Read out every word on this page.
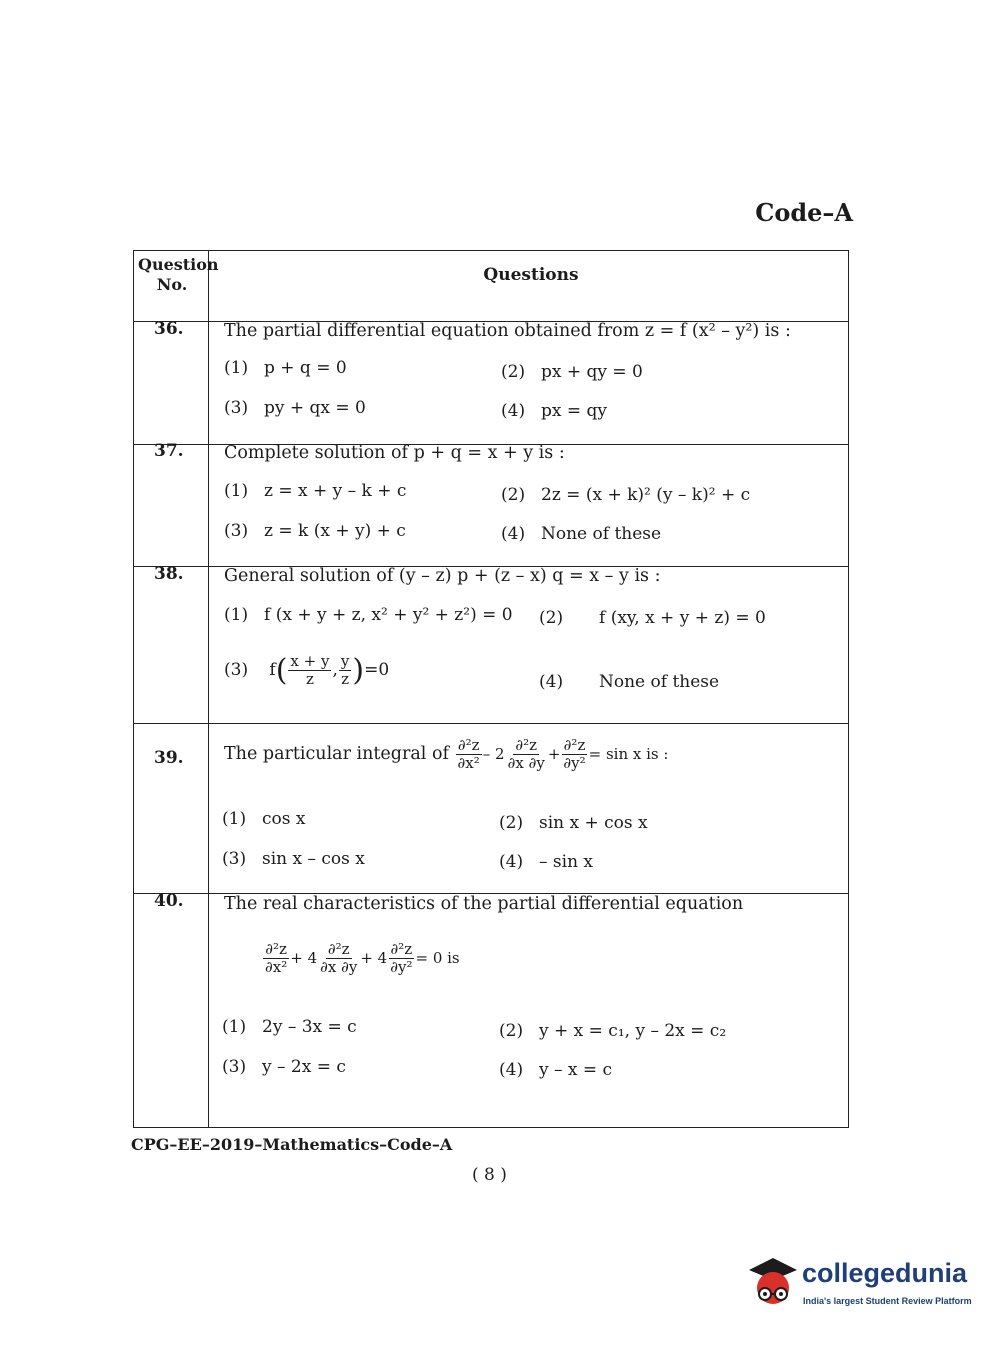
Code–A
Question No.	Questions
36. The partial differential equation obtained from z = f (x² – y²) is :
(1) p + q = 0	(2) px + qy = 0
(3) py + qx = 0	(4) px = qy
37. Complete solution of p + q = x + y is :
(1) z = x + y – k + c	(2) 2z = (x + k)² (y – k)² + c
(3) z = k (x + y) + c	(4) None of these
38. General solution of (y – z) p + (z – x) q = x – y is :
(1) f (x + y + z, x² + y² + z²) = 0 (2) f (xy, x + y + z) = 0
(3) $f( \frac{x + y}{z}$ , $\frac{y}{z} )=0$
(4) None of these
39. The particular integral of $\frac{\text{∂²z}}{\text{∂x²}} - 2 \frac{\text{∂²z}}{\partial x \partial y} + \frac{\text{∂²z}}{\text{∂y²}} = \sin x$ is :
(1) cos x	(2) sin x + cos x
(3) sin x – cos x	(4) – sin x
40. The real characteristics of the partial differential equation
$\frac{\text{∂²z}}{\text{∂x²}} + 4 \frac{\text{∂²z}}{\partial x \partial y} + 4 \frac{\text{∂²z}}{\text{∂y²}} = 0$ is
(1) 2y – 3x = c	(2) y + x = c₁, y – 2x = c₂
(3) y – 2x = c	(4) y – x = c
CPG–EE–2019–Mathematics–Code–A
( 8 )
collegedunia
India's largest Student Review Platform
